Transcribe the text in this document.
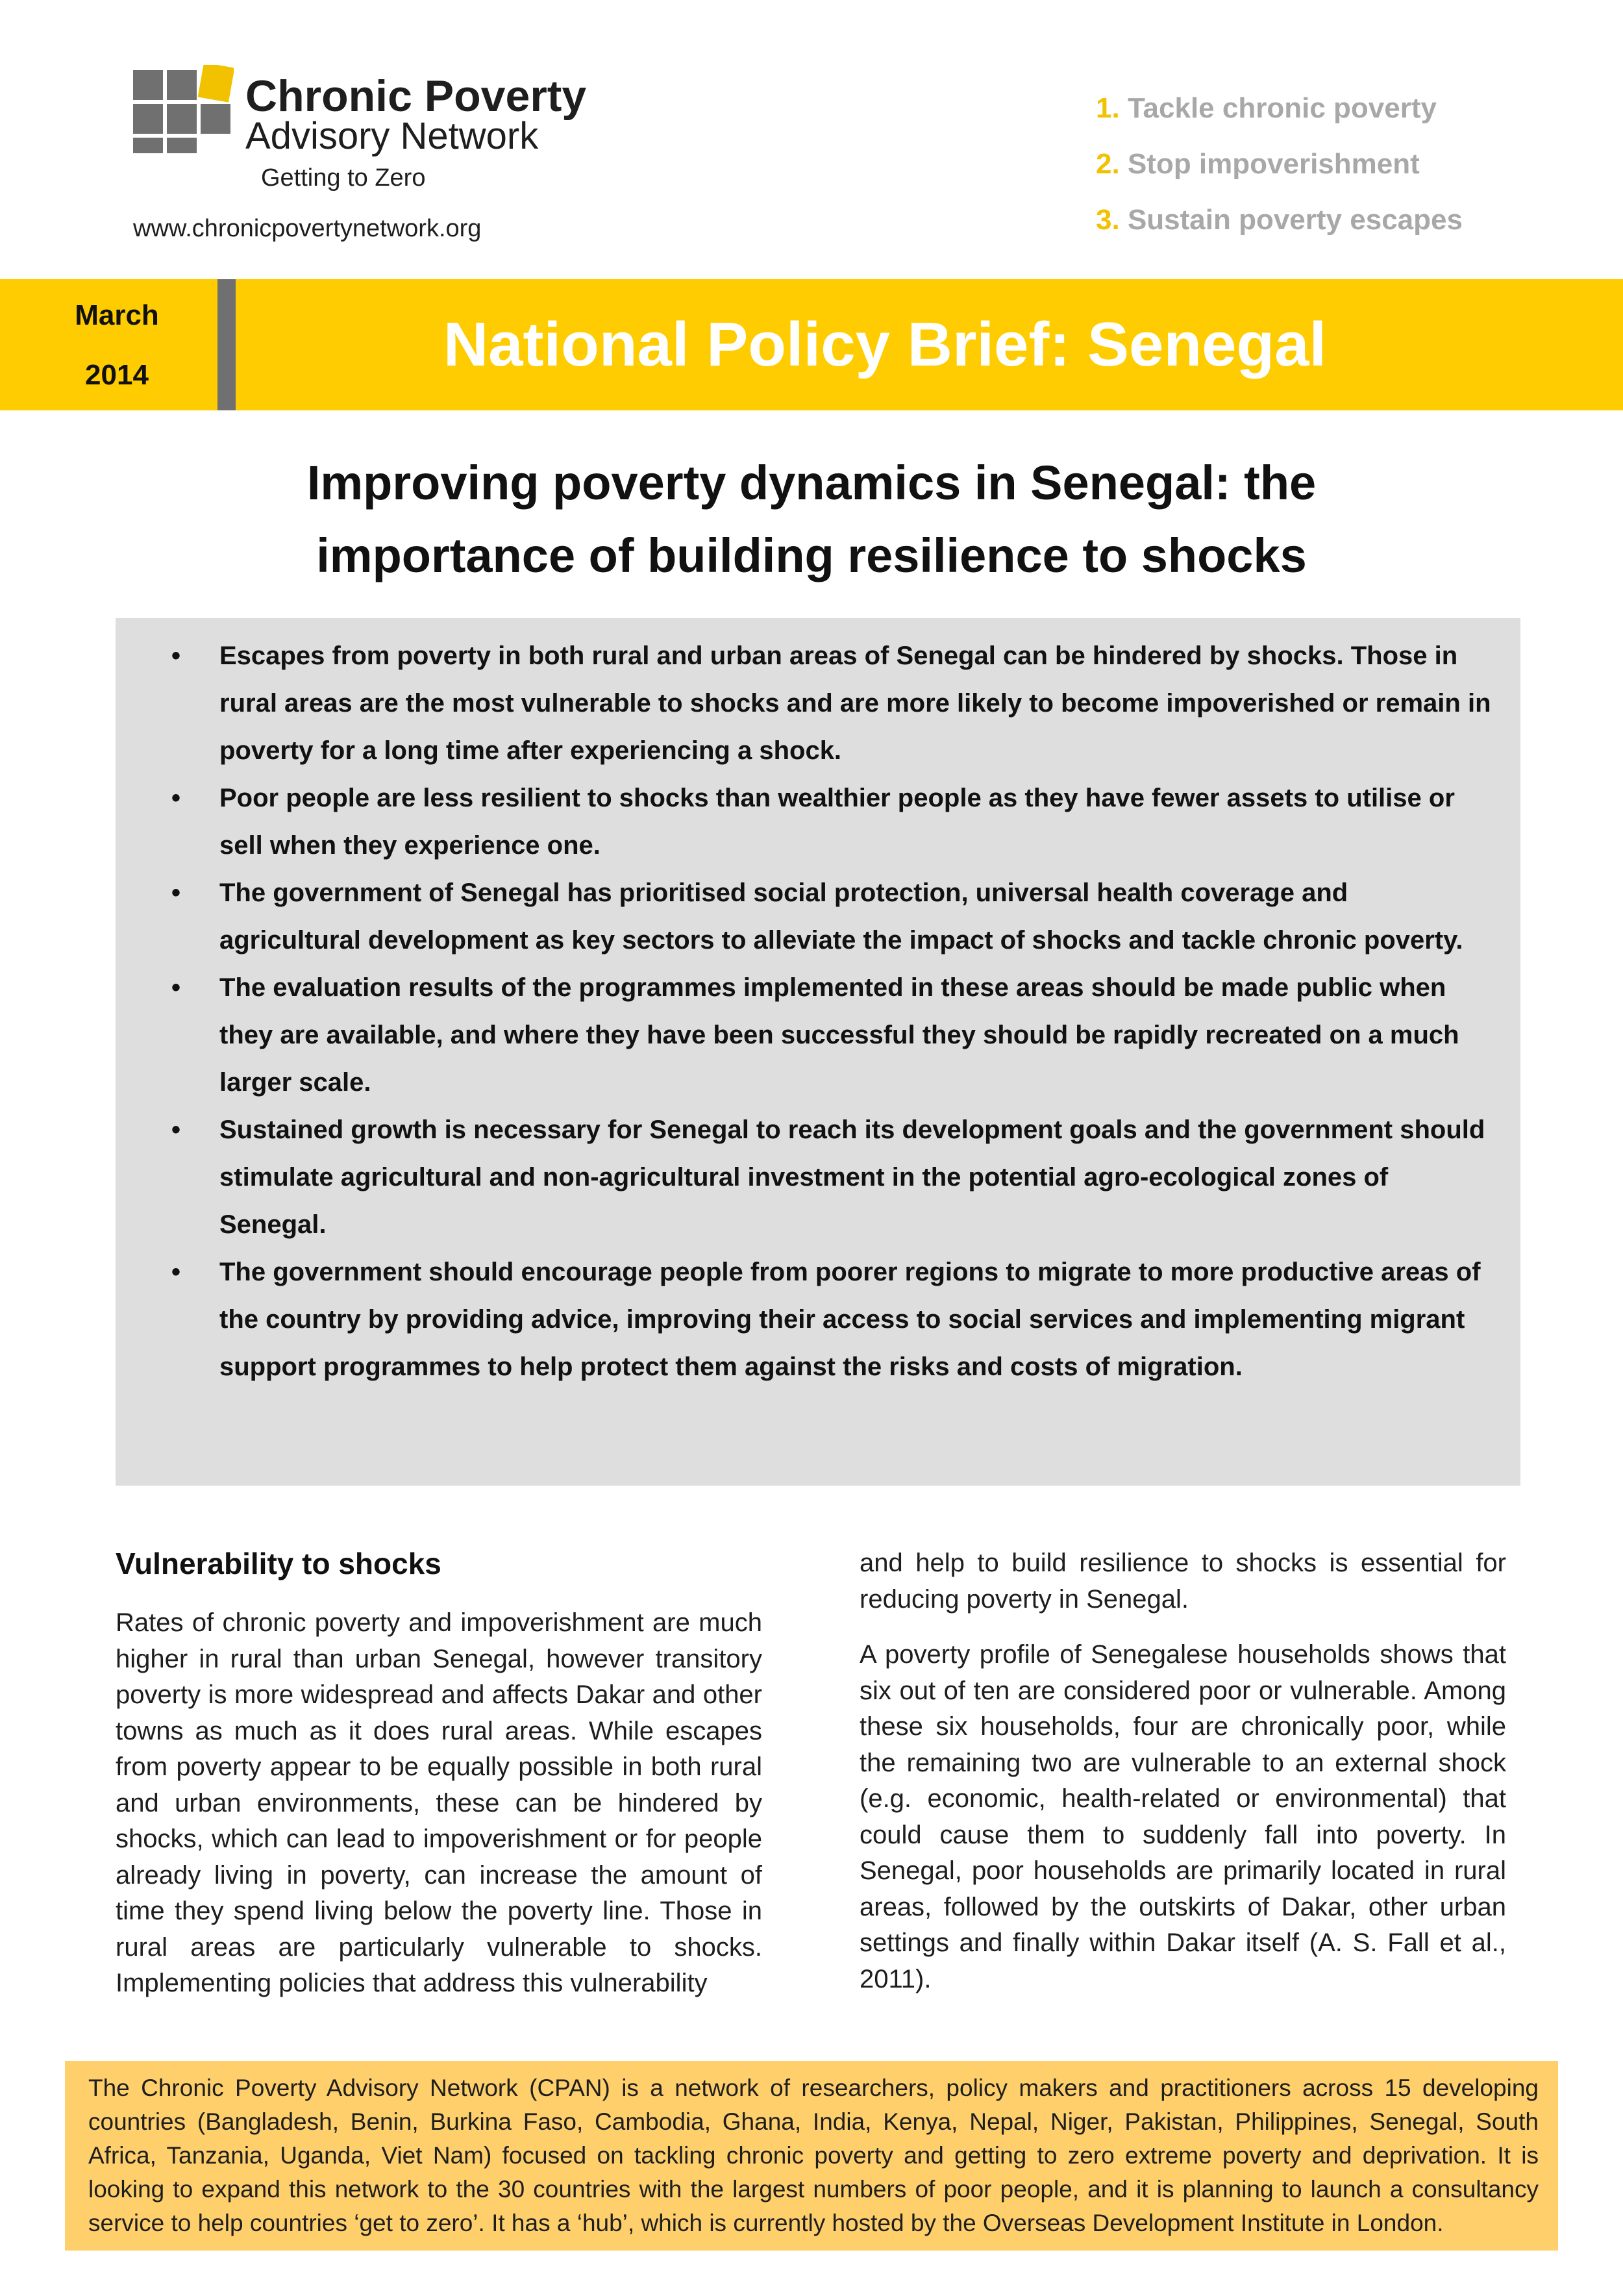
Chronic Poverty
Advisory Network
Getting to Zero
www.chronicpovertynetwork.org
1. Tackle chronic poverty
2. Stop impoverishment
3. Sustain poverty escapes
March
2014	National Policy Brief: Senegal
Improving poverty dynamics in Senegal: the
importance of building resilience to shocks
• Escapes from poverty in both rural and urban areas of Senegal can be hindered by shocks. Those in rural areas are the most vulnerable to shocks and are more likely to become impoverished or remain in poverty for a long time after experiencing a shock.
• Poor people are less resilient to shocks than wealthier people as they have fewer assets to utilise or sell when they experience one.
• The government of Senegal has prioritised social protection, universal health coverage and agricultural development as key sectors to alleviate the impact of shocks and tackle chronic poverty.
• The evaluation results of the programmes implemented in these areas should be made public when they are available, and where they have been successful they should be rapidly recreated on a much larger scale.
• Sustained growth is necessary for Senegal to reach its development goals and the government should stimulate agricultural and non-agricultural investment in the potential agro-ecological zones of Senegal.
• The government should encourage people from poorer regions to migrate to more productive areas of the country by providing advice, improving their access to social services and implementing migrant support programmes to help protect them against the risks and costs of migration.
Vulnerability to shocks

Rates of chronic poverty and impoverishment are much higher in rural than urban Senegal, however transitory poverty is more widespread and affects Dakar and other towns as much as it does rural areas. While escapes from poverty appear to be equally possible in both rural and urban environments, these can be hindered by shocks, which can lead to impoverishment or for people already living in poverty, can increase the amount of time they spend living below the poverty line. Those in rural areas are particularly vulnerable to shocks. Implementing policies that address this vulnerability

and help to build resilience to shocks is essential for reducing poverty in Senegal.

A poverty profile of Senegalese households shows that six out of ten are considered poor or vulnerable. Among these six households, four are chronically poor, while the remaining two are vulnerable to an external shock (e.g. economic, health-related or environmental) that could cause them to suddenly fall into poverty. In Senegal, poor households are primarily located in rural areas, followed by the outskirts of Dakar, other urban settings and finally within Dakar itself (A. S. Fall et al., 2011).

The Chronic Poverty Advisory Network (CPAN) is a network of researchers, policy makers and practitioners across 15 developing countries (Bangladesh, Benin, Burkina Faso, Cambodia, Ghana, India, Kenya, Nepal, Niger, Pakistan, Philippines, Senegal, South Africa, Tanzania, Uganda, Viet Nam) focused on tackling chronic poverty and getting to zero extreme poverty and deprivation. It is looking to expand this network to the 30 countries with the largest numbers of poor people, and it is planning to launch a consultancy service to help countries ‘get to zero’. It has a ‘hub’, which is currently hosted by the Overseas Development Institute in London.
